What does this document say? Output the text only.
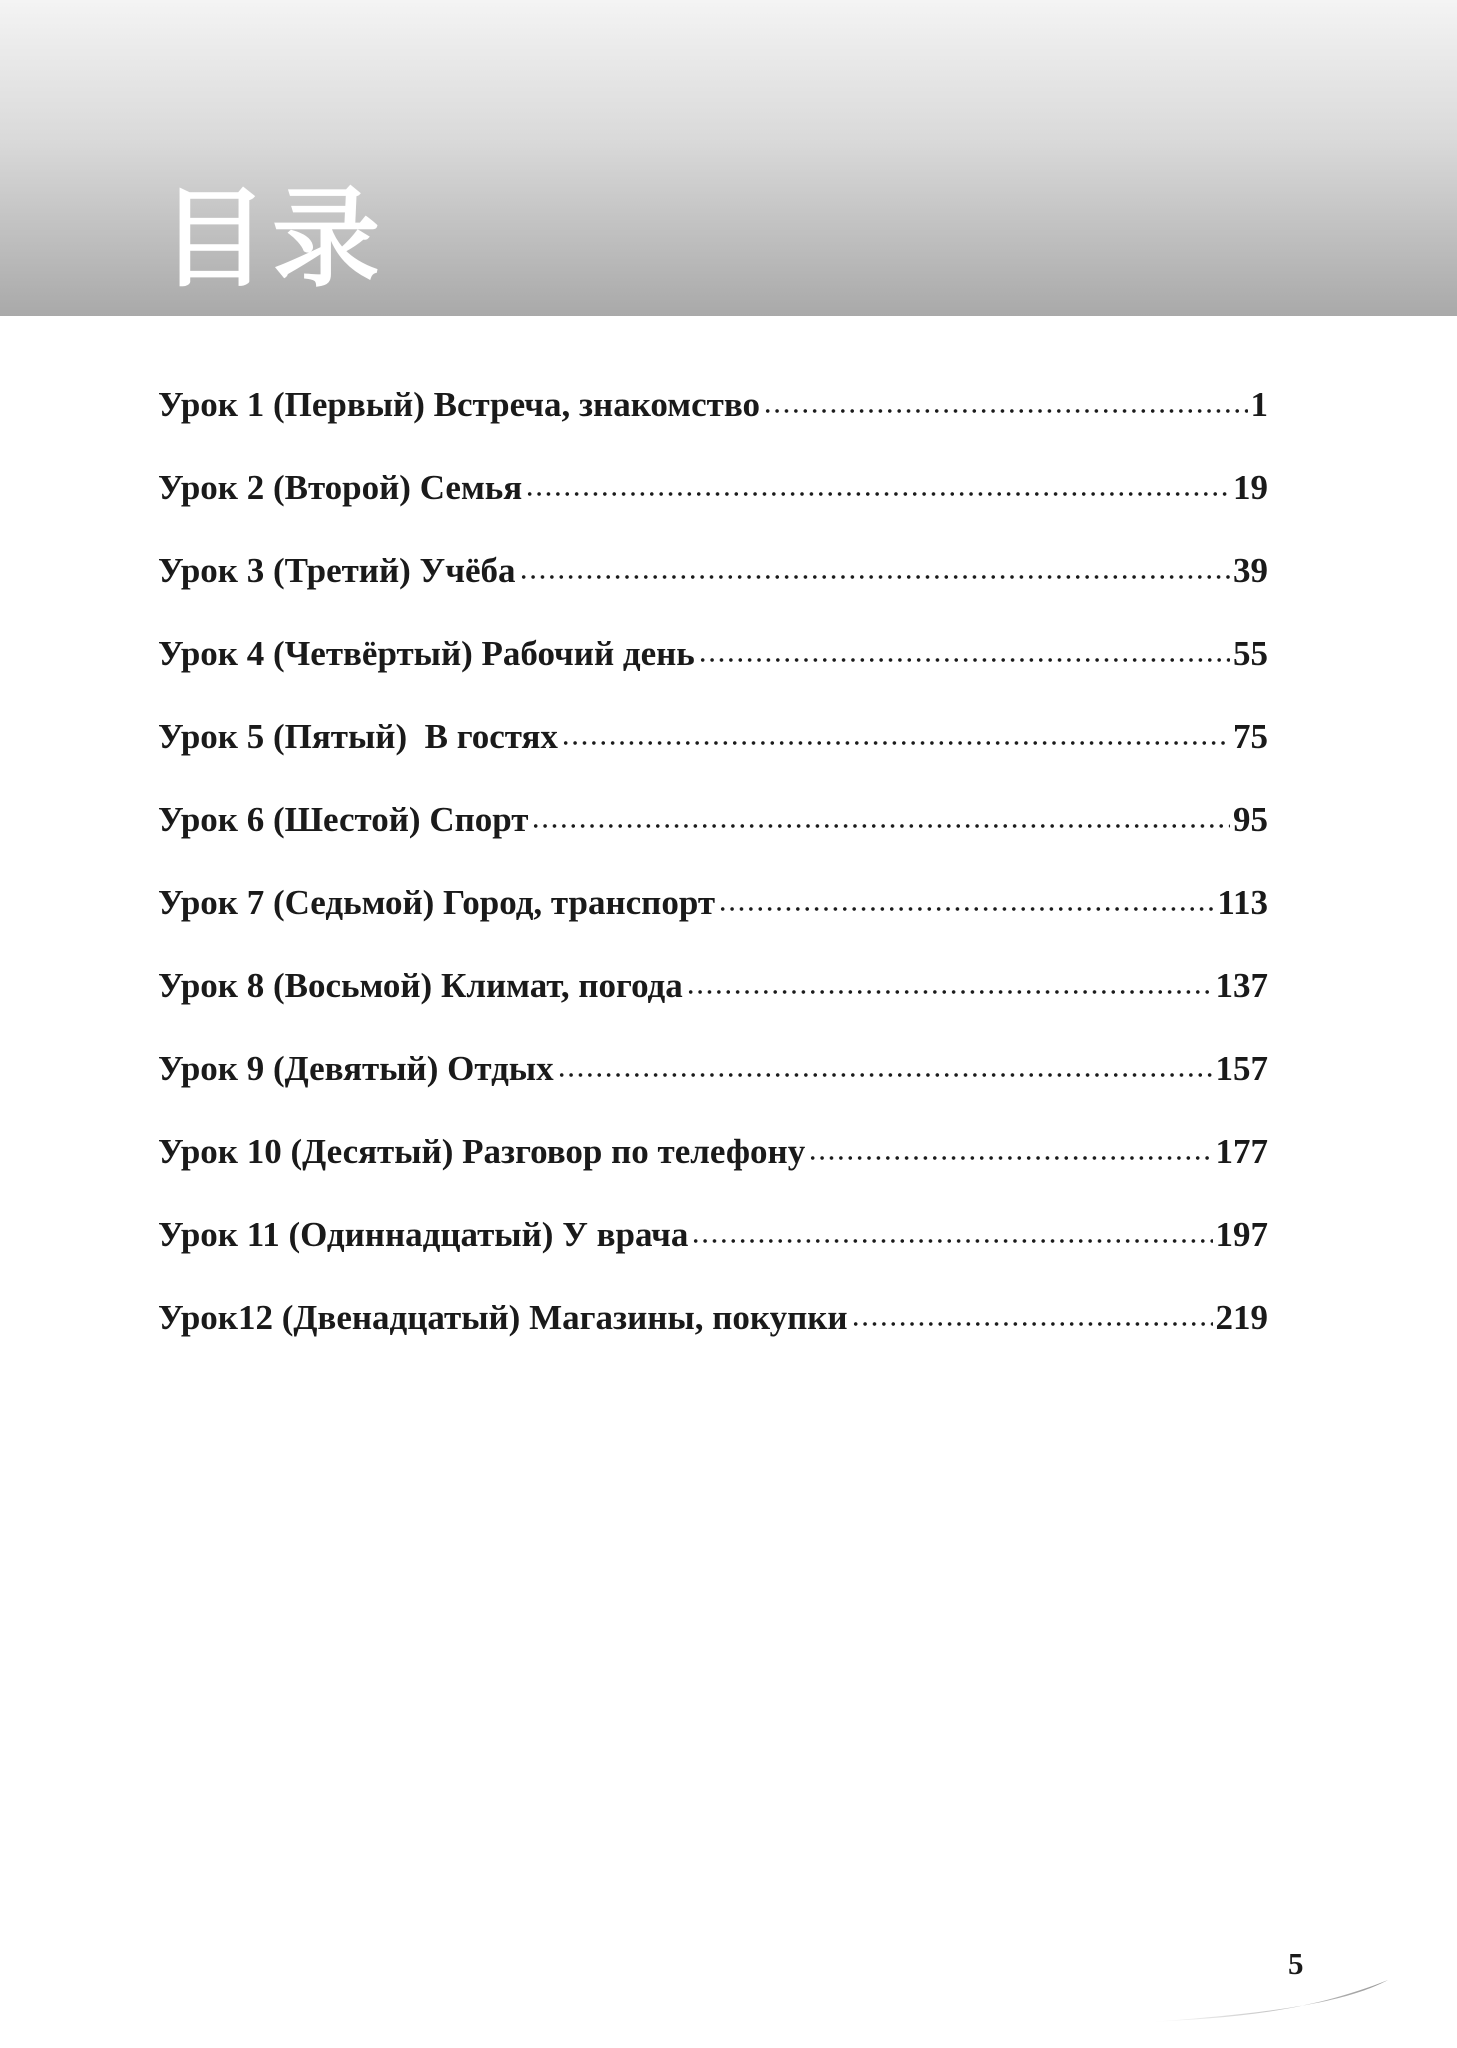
目录
Урок 1 (Первый) Встреча, знакомство	1
Урок 2 (Второй) Семья	19
Урок 3 (Третий) Учёба	39
Урок 4 (Четвёртый) Рабочий день	55
Урок 5 (Пятый)  В гостях	75
Урок 6 (Шестой) Спорт	95
Урок 7 (Седьмой) Город, транспорт	113
Урок 8 (Восьмой) Климат, погода	137
Урок 9 (Девятый) Отдых	157
Урок 10 (Десятый) Разговор по телефону	177
Урок 11 (Одиннадцатый) У врача	197
Урок12 (Двенадцатый) Магазины, покупки	219
5
